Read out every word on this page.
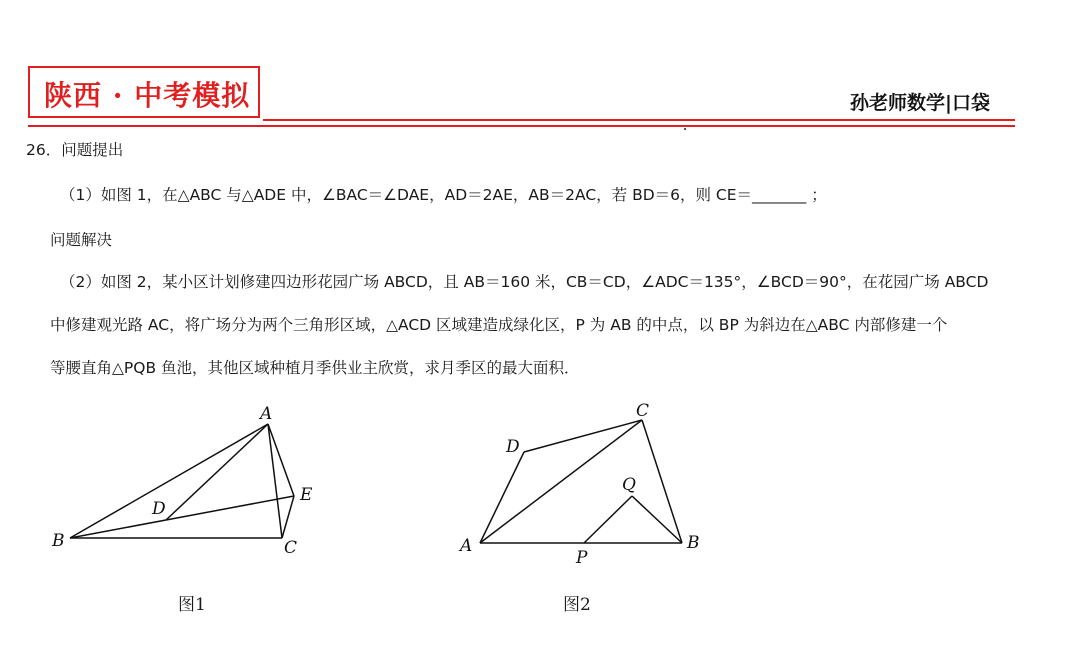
陕西 · 中考模拟	孙老师数学|口袋
26．问题提出
（1）如图 1，在△ABC 与△ADE 中，∠BAC＝∠DAE，AD＝2AE，AB＝2AC，若 BD＝6，则 CE＝_______ ；
问题解决
（2）如图 2，某小区计划修建四边形花园广场 ABCD，且 AB＝160 米，CB＝CD，∠ADC＝135°，∠BCD＝90°，在花园广场 ABCD
中修建观光路 AC，将广场分为两个三角形区域，△ACD 区域建造成绿化区，P 为 AB 的中点，以 BP 为斜边在△ABC 内部修建一个
等腰直角△PQB 鱼池，其他区域种植月季供业主欣赏，求月季区的最大面积．
A
B	C
D
E
A	B
C
D
P
Q
图1	图2
